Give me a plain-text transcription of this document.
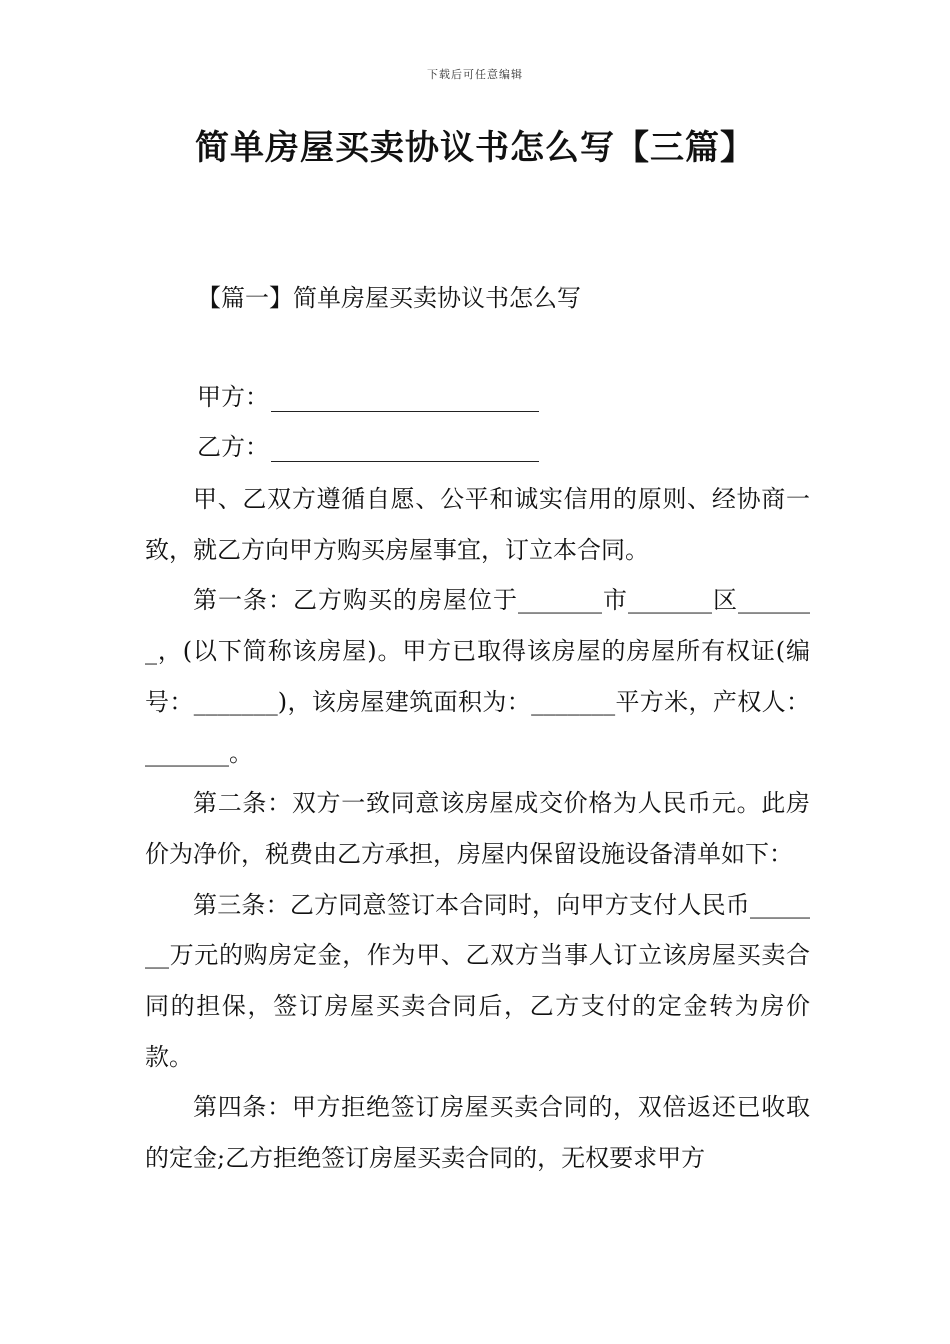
下载后可任意编辑
简单房屋买卖协议书怎么写【三篇】
【篇一】简单房屋买卖协议书怎么写
甲方：
乙方：

甲、乙双方遵循自愿、公平和诚实信用的原则、经协商一致，就乙方向甲方购买房屋事宜，订立本合同。

第一条：乙方购买的房屋位于_______市_______区_______，(以下简称该房屋)。甲方已取得该房屋的房屋所有权证(编号：_______)，该房屋建筑面积为：_______平方米，产权人：_______。

第二条：双方一致同意该房屋成交价格为人民币元。此房价为净价，税费由乙方承担，房屋内保留设施设备清单如下：

第三条：乙方同意签订本合同时，向甲方支付人民币_______万元的购房定金，作为甲、乙双方当事人订立该房屋买卖合同的担保，签订房屋买卖合同后，乙方支付的定金转为房价款。

第四条：甲方拒绝签订房屋买卖合同的，双倍返还已收取的定金;乙方拒绝签订房屋买卖合同的，无权要求甲方
